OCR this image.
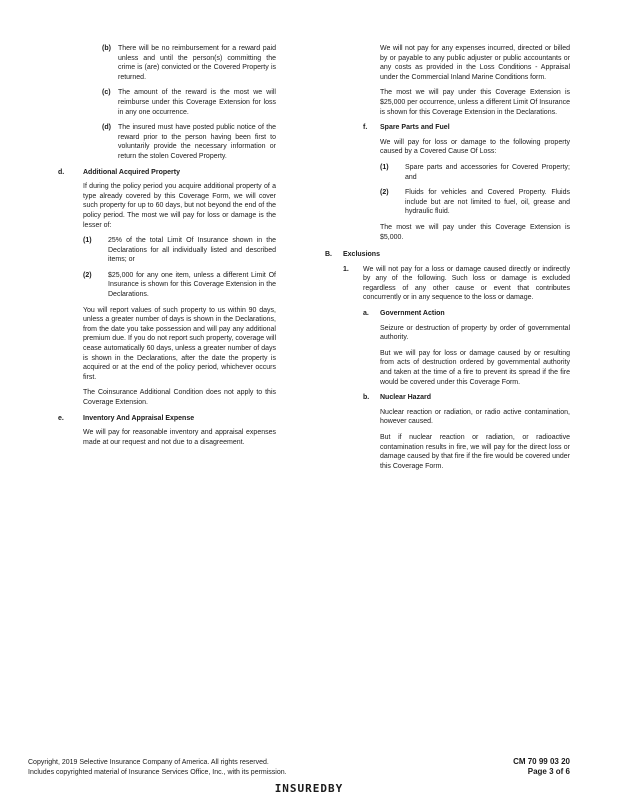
(b) There will be no reimbursement for a reward paid unless and until the person(s) committing the crime is (are) convicted or the Covered Property is returned.

(c) The amount of the reward is the most we will reimburse under this Coverage Extension for loss in any one occurrence.

(d) The insured must have posted public notice of the reward prior to the person having been first to voluntarily provide the necessary information or return the stolen Covered Property.

d.	Additional Acquired Property

If during the policy period you acquire additional property of a type already covered by this Coverage Form, we will cover such property for up to 60 days, but not beyond the end of the policy period. The most we will pay for loss or damage is the lesser of:

(1) 25% of the total Limit Of Insurance shown in the Declarations for all individually listed and described items; or

(2) $25,000 for any one item, unless a different Limit Of Insurance is shown for this Coverage Extension in the Declarations.

You will report values of such property to us within 90 days, unless a greater number of days is shown in the Declarations, from the date you take possession and will pay any additional premium due. If you do not report such property, coverage will cease automatically 60 days, unless a greater number of days is shown in the Declarations, after the date the property is acquired or at the end of the policy period, whichever occurs first.

The Coinsurance Additional Condition does not apply to this Coverage Extension.

e.	Inventory And Appraisal Expense

We will pay for reasonable inventory and appraisal expenses made at our request and not due to a disagreement.

We will not pay for any expenses incurred, directed or billed by or payable to any public adjuster or public accountants or any costs as provided in the Loss Conditions - Appraisal under the Commercial Inland Marine Conditions form.

The most we will pay under this Coverage Extension is $25,000 per occurrence, unless a different Limit Of Insurance is shown for this Coverage Extension in the Declarations.

f. Spare Parts and Fuel

We will pay for loss or damage to the following property caused by a Covered Cause Of Loss:

(1) Spare parts and accessories for Covered Property; and

(2) Fluids for vehicles and Covered Property. Fluids include but are not limited to fuel, oil, grease and hydraulic fluid.

The most we will pay under this Coverage Extension is $5,000.

B. Exclusions
1. We will not pay for a loss or damage caused directly or indirectly by any of the following. Such loss or damage is excluded regardless of any other cause or event that contributes concurrently or in any sequence to the loss or damage.

a. Government Action

Seizure or destruction of property by order of governmental authority.

But we will pay for loss or damage caused by or resulting from acts of destruction ordered by governmental authority and taken at the time of a fire to prevent its spread if the fire would be covered under this Coverage Form.

b. Nuclear Hazard

Nuclear reaction or radiation, or radio active contamination, however caused.

But if nuclear reaction or radiation, or radioactive contamination results in fire, we will pay for the direct loss or damage caused by that fire if the fire would be covered under this Coverage Form.

Copyright, 2019 Selective Insurance Company of America. All rights reserved.
Includes copyrighted material of Insurance Services Office, Inc., with its permission.
CM 70 99 03 20
Page 3 of 6
INSUREDBY
